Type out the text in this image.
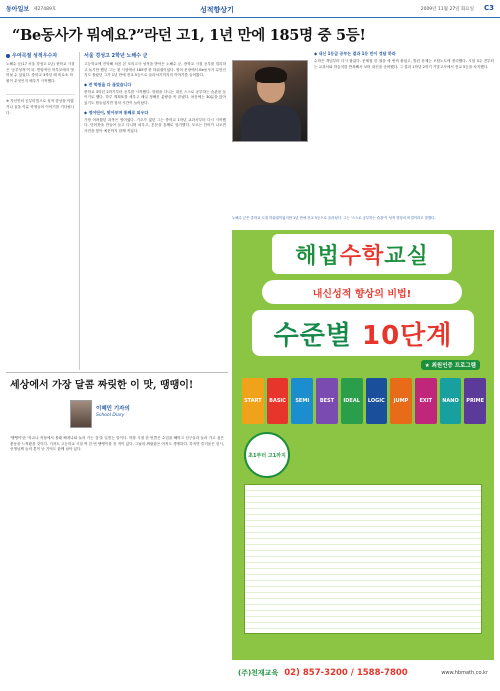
동아일보 제27489호	성적향상기	2009년 11월 27일 화요일 C3
“Be동사가 뭐예요?”라던 고1, 1년 만에 185명 중 5등!
우여곡절 성적우수자
노해수 군(17 서울 경성고 1년) 중학교 시절은 '공부성적'이 되. 반항적인 학부모에서 벗어날 수 있었다. 중학교 3학년 때 비로소 학원이 무엇인지 배우기 시작했다.
※ 자신만의 공부비법으로 성적 향상을 이뤘거나 꿈을 이룬 학생들의 이야기를 기다립니다.
서울 경성고 2학년 노해수 군
고등학교에 진학해 처음 본 모의고사 성적을 받아든 노해수 군. 중학교 시절 공부를 멀리하고 놀기만 했던 그는 첫 시험에서 185명 중 하위권이었다. 영어 문장에서 Be동사가 무엇인지도 몰랐던 그가 1년 만에 전교 5등으로 올라서기까지의 이야기를 들어봤다.
◆ 전 학원을 다 끊었습니다
중학교 3학년 2학기부터 공부를 시작했다. 학원을 다니는 대신 스스로 공부하는 습관을 들이기로 했다. 하루 계획표를 세우고 매일 정해진 분량을 꼭 끝냈다. 처음에는 30분을 앉아 있기도 힘들었지만 점차 시간이 늘어났다.
◆ 영어단어, 맞아보며 통째로 외우다
가장 어려웠던 과목은 영어였다. 기초가 없던 그는 중학교 1학년 교과서부터 다시 시작했다. 단어장을 만들어 들고 다니며 외우고, 본문을 통째로 암기했다. 모르는 단어가 나오면 사전을 찾아 예문까지 함께 적었다.
◆ 내신 1등급 공부는 결과 1등 만이 정답 하라
수학은 개념부터 다시 잡았다. 문제집 한 권을 세 번씩 풀었고, 틀린 문제는 오답노트에 정리했다. 시험 3주 전부터는 교과서와 학습지를 반복해서 보며 내신을 준비했다. 그 결과 1학년 2학기 기말고사에서 전교 5등을 차지했다.
노해수 군은 중학교 시절 하위권이었지만 1년 만에 전교 5등으로 올라섰다. 그는 '스스로 공부하는 습관'이 성적 향상의 비결이라고 말했다.
해법수학교실
내신성적 향상의 비법!
수준별 10단계
★ 최원인증 프로그램
START BASIC SEMI BEST IDEAL LOGIC JUMP EXIT NANO PRIME
초1부터 고1까지
(주)천재교육 02) 857-3200 / 1588-7800	www.hbmath.co.kr
세상에서 가장 달콤 짜릿한 이 맛, 땡땡이!
이혜민 기자의
School Diary
'땡땡이'란 '학교나 직장에서 몰래 빠져나와 놀러 가는 것'을 일컫는 말이다. 학창 시절 한 번쯤은 수업을 빼먹고 친구들과 놀러 가고 싶은 충동을 느껴봤을 것이다. 기자도 고등학교 시절 딱 한 번 땡땡이를 친 적이 있다. 그날의 짜릿함은 아직도 생생하다. 하지만 즐거움은 잠시, 선생님께 들켜 혼이 난 기억도 함께 남아 있다.
